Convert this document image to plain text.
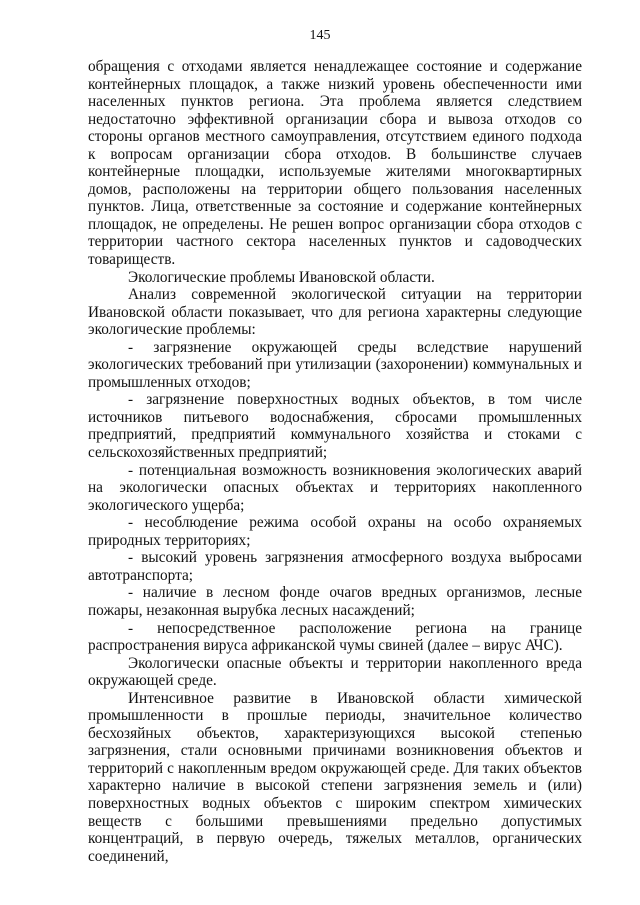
145

обращения с отходами является ненадлежащее состояние и содержание контейнерных площадок, а также низкий уровень обеспеченности ими населенных пунктов региона. Эта проблема является следствием недостаточно эффективной организации сбора и вывоза отходов со стороны органов местного самоуправления, отсутствием единого подхода к вопросам организации сбора отходов. В большинстве случаев контейнерные площадки, используемые жителями многоквартирных домов, расположены на территории общего пользования населенных пунктов. Лица, ответственные за состояние и содержание контейнерных площадок, не определены. Не решен вопрос организации сбора отходов с территории частного сектора населенных пунктов и садоводческих товариществ.

Экологические проблемы Ивановской области.

Анализ современной экологической ситуации на территории Ивановской области показывает, что для региона характерны следующие экологические проблемы:

- загрязнение окружающей среды вследствие нарушений экологических требований при утилизации (захоронении) коммунальных и промышленных отходов;

- загрязнение поверхностных водных объектов, в том числе источников питьевого водоснабжения, сбросами промышленных предприятий, предприятий коммунального хозяйства и стоками с сельскохозяйственных предприятий;

- потенциальная возможность возникновения экологических аварий на экологически опасных объектах и территориях накопленного экологического ущерба;

- несоблюдение режима особой охраны на особо охраняемых природных территориях;

- высокий уровень загрязнения атмосферного воздуха выбросами автотранспорта;

- наличие в лесном фонде очагов вредных организмов, лесные пожары, незаконная вырубка лесных насаждений;

- непосредственное расположение региона на границе распространения вируса африканской чумы свиней (далее – вирус АЧС).

Экологически опасные объекты и территории накопленного вреда окружающей среде.

Интенсивное развитие в Ивановской области химической промышленности в прошлые периоды, значительное количество бесхозяйных объектов, характеризующихся высокой степенью загрязнения, стали основными причинами возникновения объектов и территорий с накопленным вредом окружающей среде. Для таких объектов характерно наличие в высокой степени загрязнения земель и (или) поверхностных водных объектов с широким спектром химических веществ с большими превышениями предельно допустимых концентраций, в первую очередь, тяжелых металлов, органических соединений,
